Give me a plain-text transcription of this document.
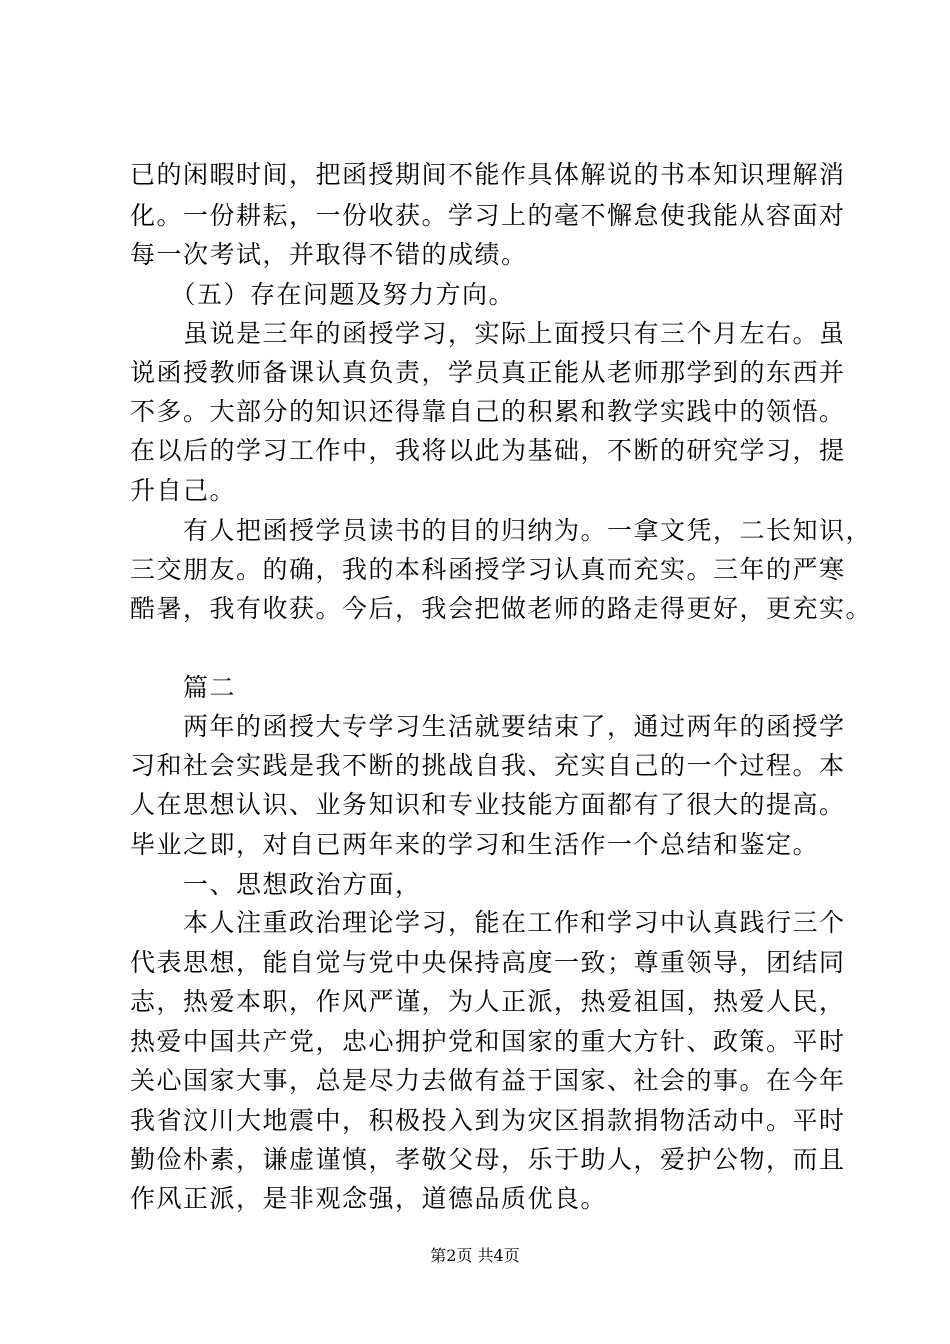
已的闲暇时间，把函授期间不能作具体解说的书本知识理解消
化。一份耕耘，一份收获。学习上的毫不懈怠使我能从容面对
每一次考试，并取得不错的成绩。
　　（五）存在问题及努力方向。
　　虽说是三年的函授学习，实际上面授只有三个月左右。虽
说函授教师备课认真负责，学员真正能从老师那学到的东西并
不多。大部分的知识还得靠自己的积累和教学实践中的领悟。
在以后的学习工作中，我将以此为基础，不断的研究学习，提
升自己。
　　有人把函授学员读书的目的归纳为。一拿文凭，二长知识，
三交朋友。的确，我的本科函授学习认真而充实。三年的严寒
酷暑，我有收获。今后，我会把做老师的路走得更好，更充实。
　　篇二
　　两年的函授大专学习生活就要结束了，通过两年的函授学
习和社会实践是我不断的挑战自我、充实自己的一个过程。本
人在思想认识、业务知识和专业技能方面都有了很大的提高。
毕业之即，对自已两年来的学习和生活作一个总结和鉴定。
　　一、思想政治方面，
　　本人注重政治理论学习，能在工作和学习中认真践行三个
代表思想，能自觉与党中央保持高度一致；尊重领导，团结同
志，热爱本职，作风严谨，为人正派，热爱祖国，热爱人民，
热爱中国共产党，忠心拥护党和国家的重大方针、政策。平时
关心国家大事，总是尽力去做有益于国家、社会的事。在今年
我省汶川大地震中，积极投入到为灾区捐款捐物活动中。平时
勤俭朴素，谦虚谨慎，孝敬父母，乐于助人，爱护公物，而且
作风正派，是非观念强，道德品质优良。
第2页 共4页
